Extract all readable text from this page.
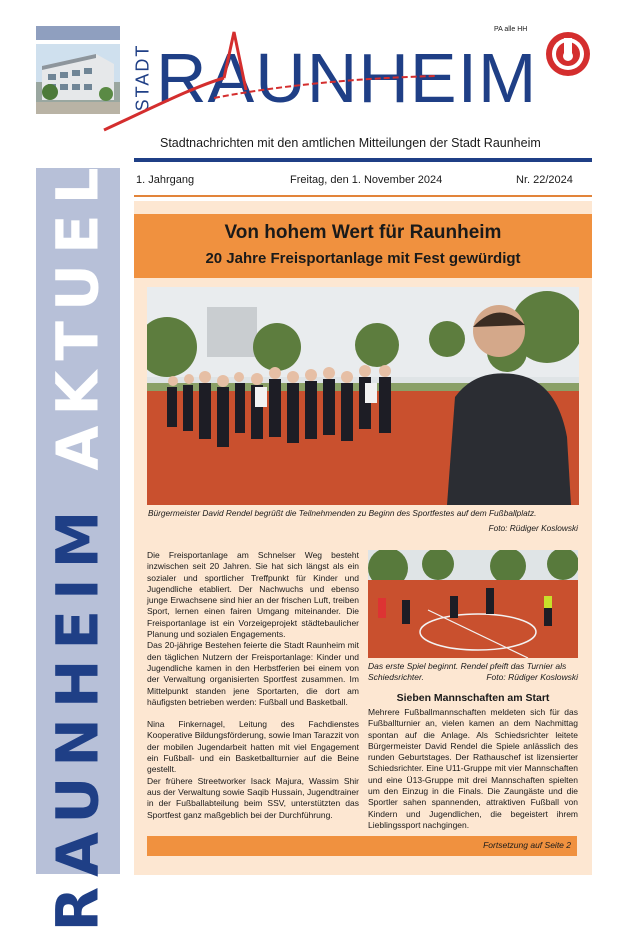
RAUNHEIM AKTUELL
STADT RAUNHEIM
PA alle HH
Stadtnachrichten mit den amtlichen Mitteilungen der Stadt Raunheim
1. Jahrgang	Freitag, den 1. November 2024	Nr. 22/2024
Von hohem Wert für Raunheim
20 Jahre Freisportanlage mit Fest gewürdigt
Bürgermeister David Rendel begrüßt die Teilnehmenden zu Beginn des Sportfestes auf dem Fußballplatz.
Foto: Rüdiger Koslowski

Die Freisportanlage am Schnelser Weg besteht inzwischen seit 20 Jahren. Sie hat sich längst als ein sozialer und sportlicher Treffpunkt für Kinder und Jugendliche etabliert. Der Nachwuchs und ebenso junge Erwachsene sind hier an der frischen Luft, treiben Sport, lernen einen fairen Umgang miteinander. Die Freisportanlage ist ein Vorzeigeprojekt städtebaulicher Planung und sozialen Engagements.

Das 20-jährige Bestehen feierte die Stadt Raunheim mit den täglichen Nutzern der Freisportanlage: Kinder und Jugendliche kamen in den Herbstferien bei einem von der Verwaltung organisierten Sportfest zusammen. Im Mittelpunkt standen jene Sportarten, die dort am häufigsten betrieben werden: Fußball und Basketball.

Nina Finkernagel, Leitung des Fachdienstes Kooperative Bildungsförderung, sowie Iman Tarazzit von der mobilen Jugendarbeit hatten mit viel Engagement ein Fußball- und ein Basketballturnier auf die Beine gestellt.

Der frühere Streetworker Isack Majura, Wassim Shir aus der Verwaltung sowie Saqib Hussain, Jugendtrainer in der Fußballabteilung beim SSV, unterstützten das Sportfest ganz maßgeblich bei der Durchführung.

Das erste Spiel beginnt. Rendel pfeift das Turnier als
Schiedsrichter.	Foto: Rüdiger Koslowski
Sieben Mannschaften am Start

Mehrere Fußballmannschaften meldeten sich für das Fußballturnier an, vielen kamen an dem Nachmittag spontan auf die Anlage. Als Schiedsrichter leitete Bürgermeister David Rendel die Spiele anlässlich des runden Geburtstages. Der Rathauschef ist lizensierter Schiedsrichter. Eine U11-Gruppe mit vier Mannschaften und eine Ü13-Gruppe mit drei Mannschaften spielten um den Einzug in die Finals. Die Zaungäste und die Sportler sahen spannenden, attraktiven Fußball von Kindern und Jugendlichen, die begeistert ihrem Lieblingssport nachgingen.

Fortsetzung auf Seite 2
